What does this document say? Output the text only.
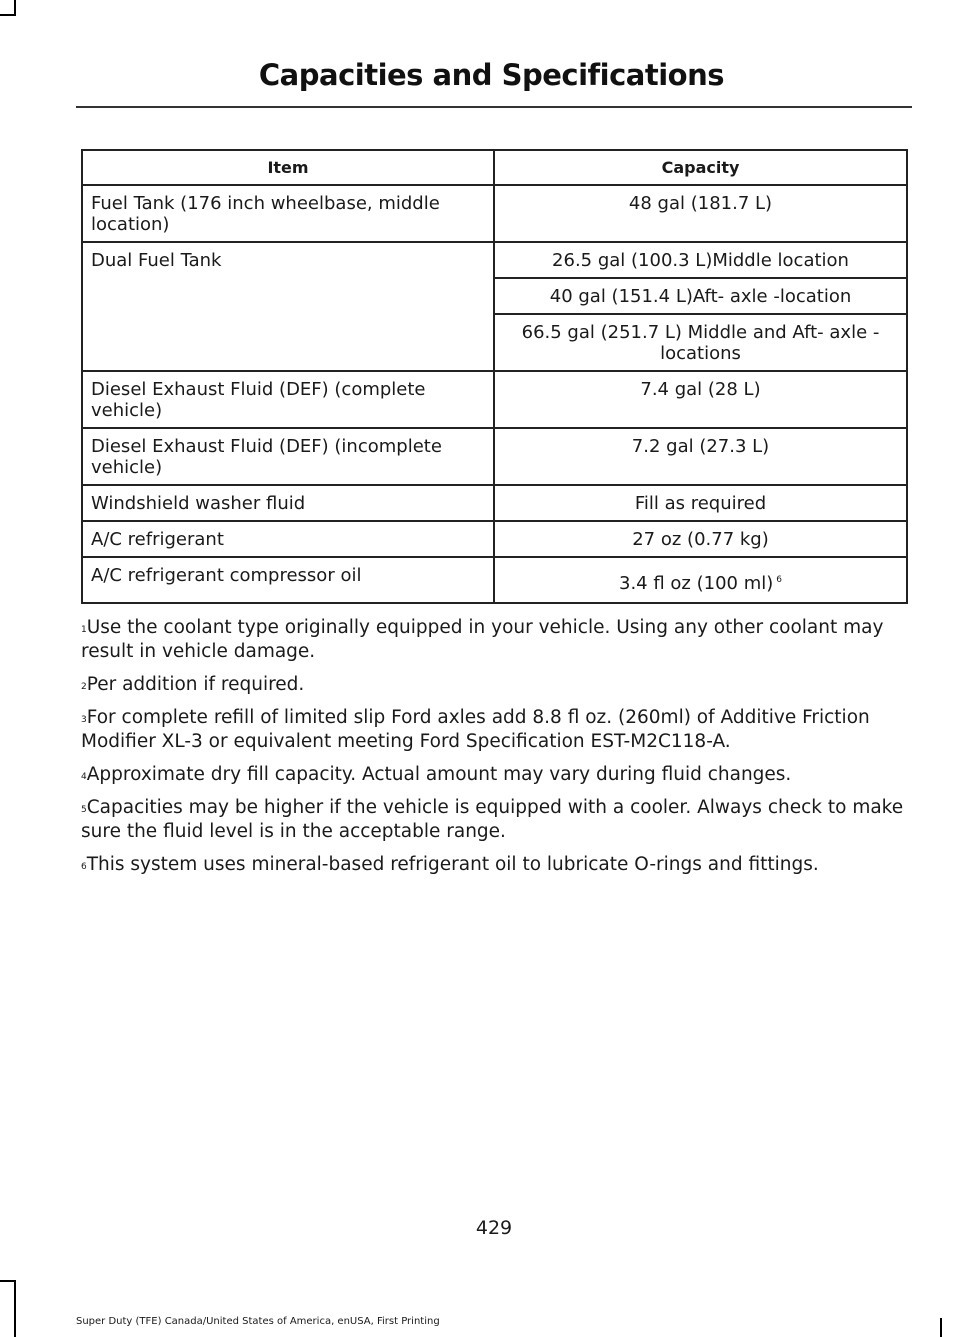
Capacities and Specifications
Item	Capacity
Fuel Tank (176 inch wheelbase, middle location)	48 gal (181.7 L)
Dual Fuel Tank	26.5 gal (100.3 L)Middle location
	40 gal (151.4 L)Aft- axle -location
	66.5 gal (251.7 L) Middle and Aft- axle - locations
Diesel Exhaust Fluid (DEF) (complete vehicle)	7.4 gal (28 L)
Diesel Exhaust Fluid (DEF) (incomplete vehicle)	7.2 gal (27.3 L)
Windshield washer fluid	Fill as required
A/C refrigerant	27 oz (0.77 kg)
A/C refrigerant compressor oil	3.4 fl oz (100 ml) $^6$

$^1$Use the coolant type originally equipped in your vehicle. Using any other coolant may result in vehicle damage.

$^2$Per addition if required.

$^3$For complete refill of limited slip Ford axles add 8.8 fl oz. (260ml) of Additive Friction Modifier XL-3 or equivalent meeting Ford Specification EST-M2C118-A.

$^4$Approximate dry fill capacity. Actual amount may vary during fluid changes.

$^5$Capacities may be higher if the vehicle is equipped with a cooler. Always check to make sure the fluid level is in the acceptable range.

$^6$This system uses mineral-based refrigerant oil to lubricate O-rings and fittings.

429
Super Duty (TFE) Canada/United States of America, enUSA, First Printing
